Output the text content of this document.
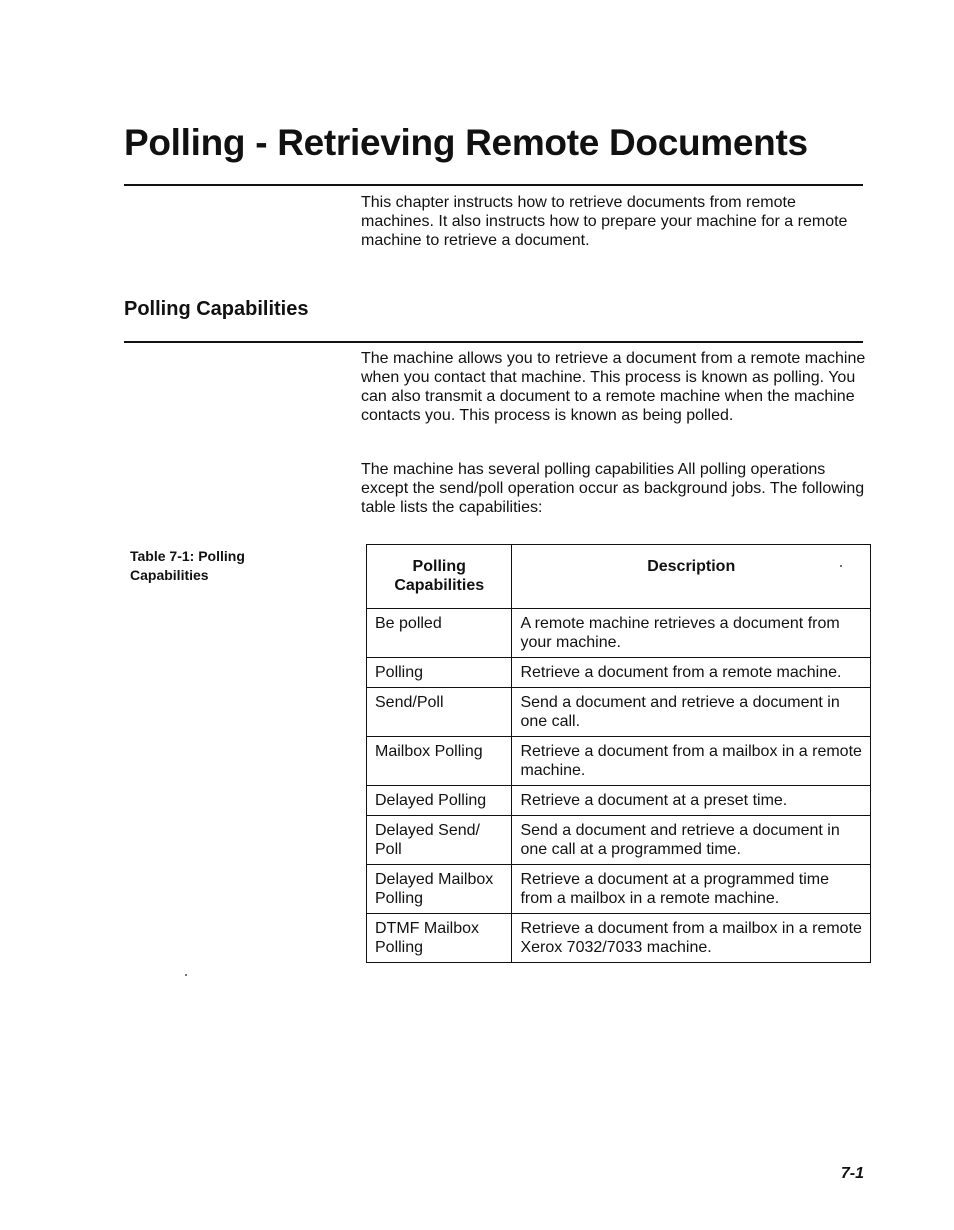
Polling - Retrieving Remote Documents

This chapter instructs how to retrieve documents from remote machines. It also instructs how to prepare your machine for a remote machine to retrieve a document.

Polling Capabilities

The machine allows you to retrieve a document from a remote machine when you contact that machine. This process is known as polling. You can also transmit a document to a remote machine when the machine contacts you. This process is known as being polled.

The machine has several polling capabilities All polling operations except the send/poll operation occur as background jobs. The following table lists the capabilities:

Table 7-1: Polling Capabilities	Polling Capabilities	Description
Be polled	A remote machine retrieves a document from your machine.
Polling	Retrieve a document from a remote machine.
Send/Poll	Send a document and retrieve a document in one call.
Mailbox Polling	Retrieve a document from a mailbox in a remote machine.
Delayed Polling	Retrieve a document at a preset time.
Delayed Send/ Poll	Send a document and retrieve a document in one call at a programmed time.
Delayed Mailbox Polling	Retrieve a document at a programmed time from a mailbox in a remote machine.
DTMF Mailbox Polling	Retrieve a document from a mailbox in a remote Xerox 7032/7033 machine.

7-1
